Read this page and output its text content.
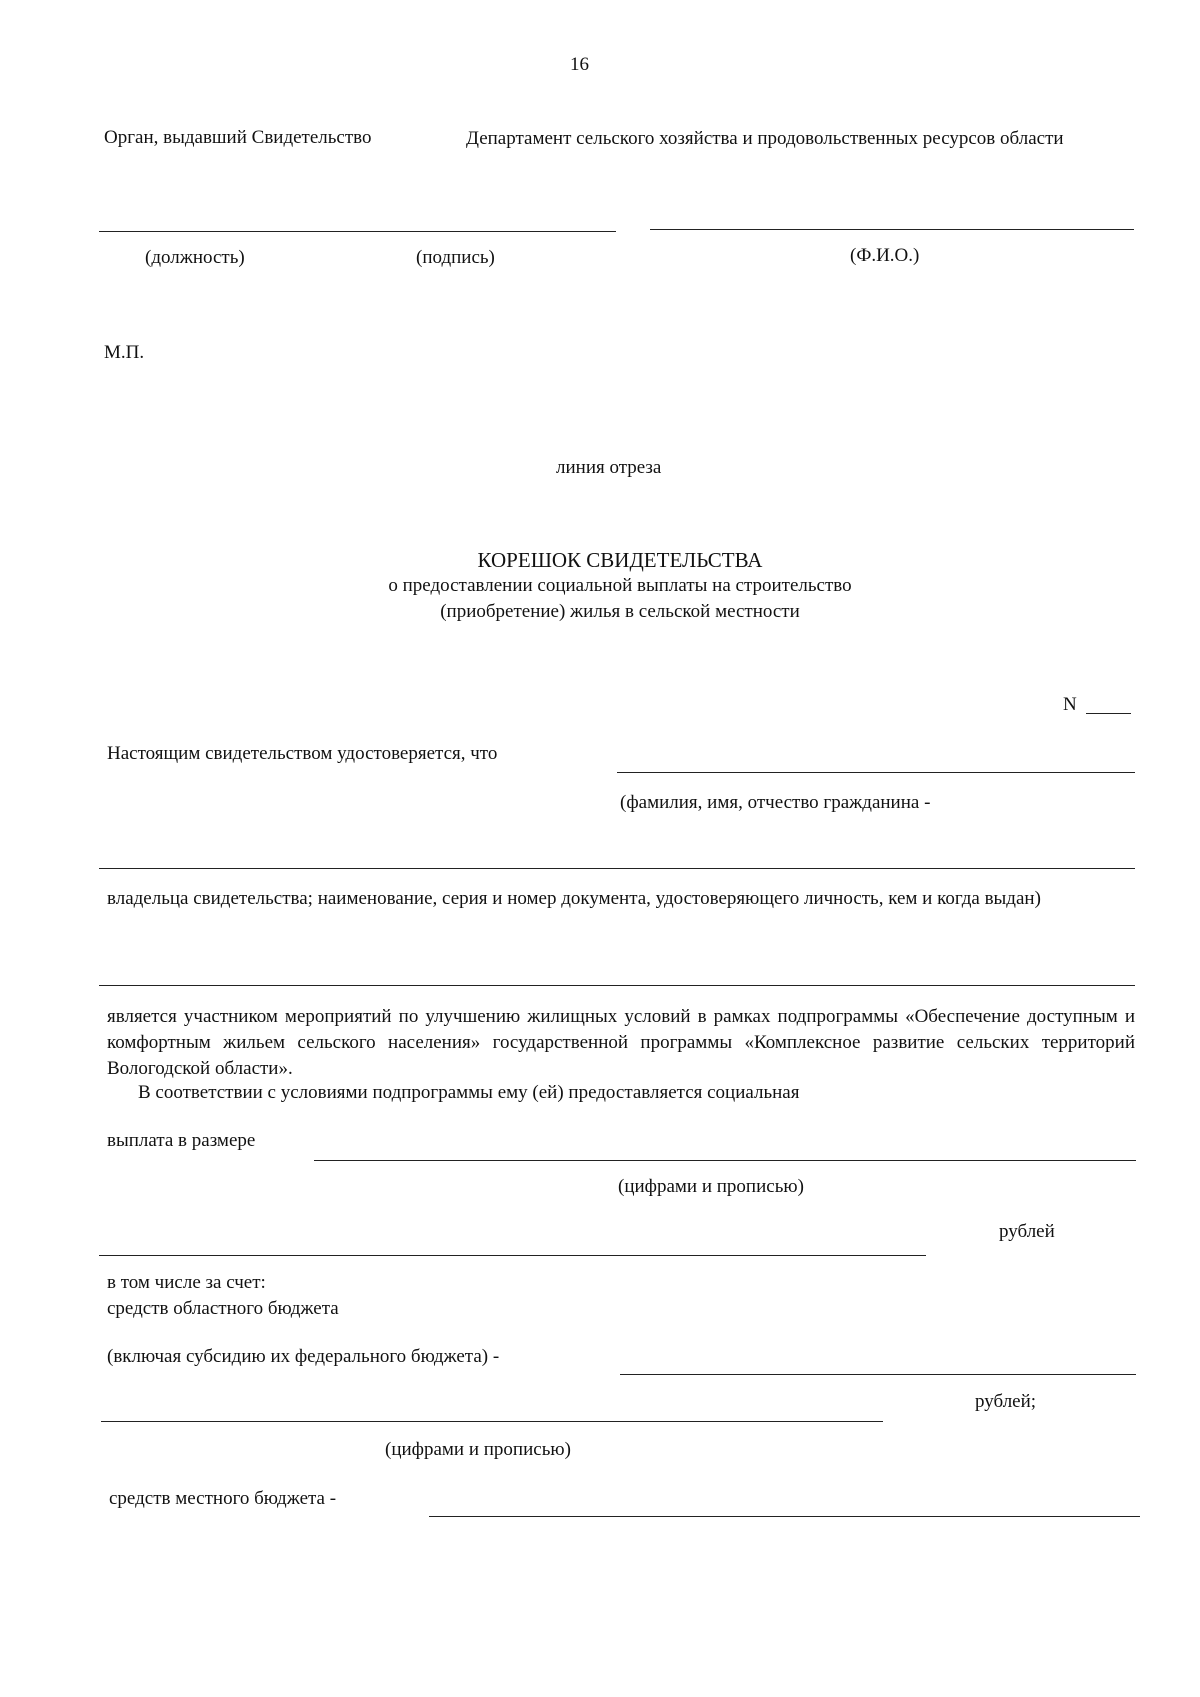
16
Орган, выдавший Свидетельство	Департамент сельского хозяйства и продовольственных ресурсов области
(должность)	(подпись)	(Ф.И.О.)
М.П.
линия отреза
КОРЕШОК СВИДЕТЕЛЬСТВА
о предоставлении социальной выплаты на строительство
(приобретение) жилья в сельской местности
N
Настоящим свидетельством удостоверяется, что
(фамилия, имя, отчество гражданина -
владельца свидетельства; наименование, серия и номер документа, удостоверяющего личность, кем и когда выдан)
является участником мероприятий по улучшению жилищных условий в рамках подпрограммы «Обеспечение доступным и комфортным жильем сельского населения» государственной программы «Комплексное развитие сельских территорий Вологодской области».
В соответствии с условиями подпрограммы ему (ей) предоставляется социальная
выплата в размере
(цифрами и прописью)
рублей
в том числе за счет:
средств областного бюджета
(включая субсидию их федерального бюджета) -
рублей;
(цифрами и прописью)
средств местного бюджета -
